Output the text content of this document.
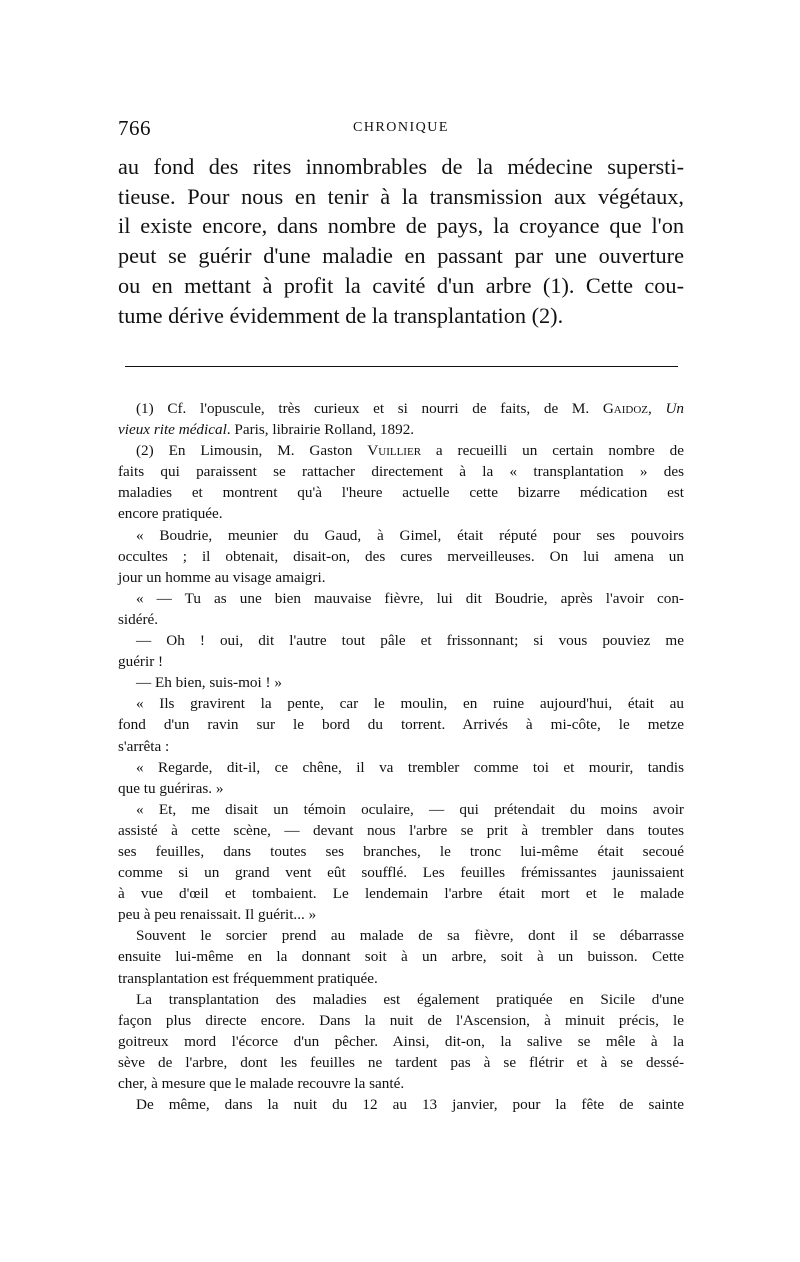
766	CHRONIQUE
au fond des rites innombrables de la médecine supersti-
tieuse. Pour nous en tenir à la transmission aux végétaux,
il existe encore, dans nombre de pays, la croyance que l'on
peut se guérir d'une maladie en passant par une ouverture
ou en mettant à profit la cavité d'un arbre (1). Cette cou-
tume dérive évidemment de la transplantation (2).
(1) Cf. l'opuscule, très curieux et si nourri de faits, de M. Gaidoz, Un
vieux rite médical. Paris, librairie Rolland, 1892.
(2) En Limousin, M. Gaston Vuillier a recueilli un certain nombre de
faits qui paraissent se rattacher directement à la « transplantation » des
maladies et montrent qu'à l'heure actuelle cette bizarre médication est
encore pratiquée.
« Boudrie, meunier du Gaud, à Gimel, était réputé pour ses pouvoirs
occultes ; il obtenait, disait-on, des cures merveilleuses. On lui amena un
jour un homme au visage amaigri.
« — Tu as une bien mauvaise fièvre, lui dit Boudrie, après l'avoir con-
sidéré.
— Oh ! oui, dit l'autre tout pâle et frissonnant; si vous pouviez me
guérir !
— Eh bien, suis-moi ! »
« Ils gravirent la pente, car le moulin, en ruine aujourd'hui, était au
fond d'un ravin sur le bord du torrent. Arrivés à mi-côte, le metze
s'arrêta :
« Regarde, dit-il, ce chêne, il va trembler comme toi et mourir, tandis
que tu guériras. »
« Et, me disait un témoin oculaire, — qui prétendait du moins avoir
assisté à cette scène, — devant nous l'arbre se prit à trembler dans toutes
ses feuilles, dans toutes ses branches, le tronc lui-même était secoué
comme si un grand vent eût soufflé. Les feuilles frémissantes jaunissaient
à vue d'œil et tombaient. Le lendemain l'arbre était mort et le malade
peu à peu renaissait. Il guérit... »
Souvent le sorcier prend au malade de sa fièvre, dont il se débarrasse
ensuite lui-même en la donnant soit à un arbre, soit à un buisson. Cette
transplantation est fréquemment pratiquée.
La transplantation des maladies est également pratiquée en Sicile d'une
façon plus directe encore. Dans la nuit de l'Ascension, à minuit précis, le
goitreux mord l'écorce d'un pêcher. Ainsi, dit-on, la salive se mêle à la
sève de l'arbre, dont les feuilles ne tardent pas à se flétrir et à se dessé-
cher, à mesure que le malade recouvre la santé.
De même, dans la nuit du 12 au 13 janvier, pour la fête de sainte
